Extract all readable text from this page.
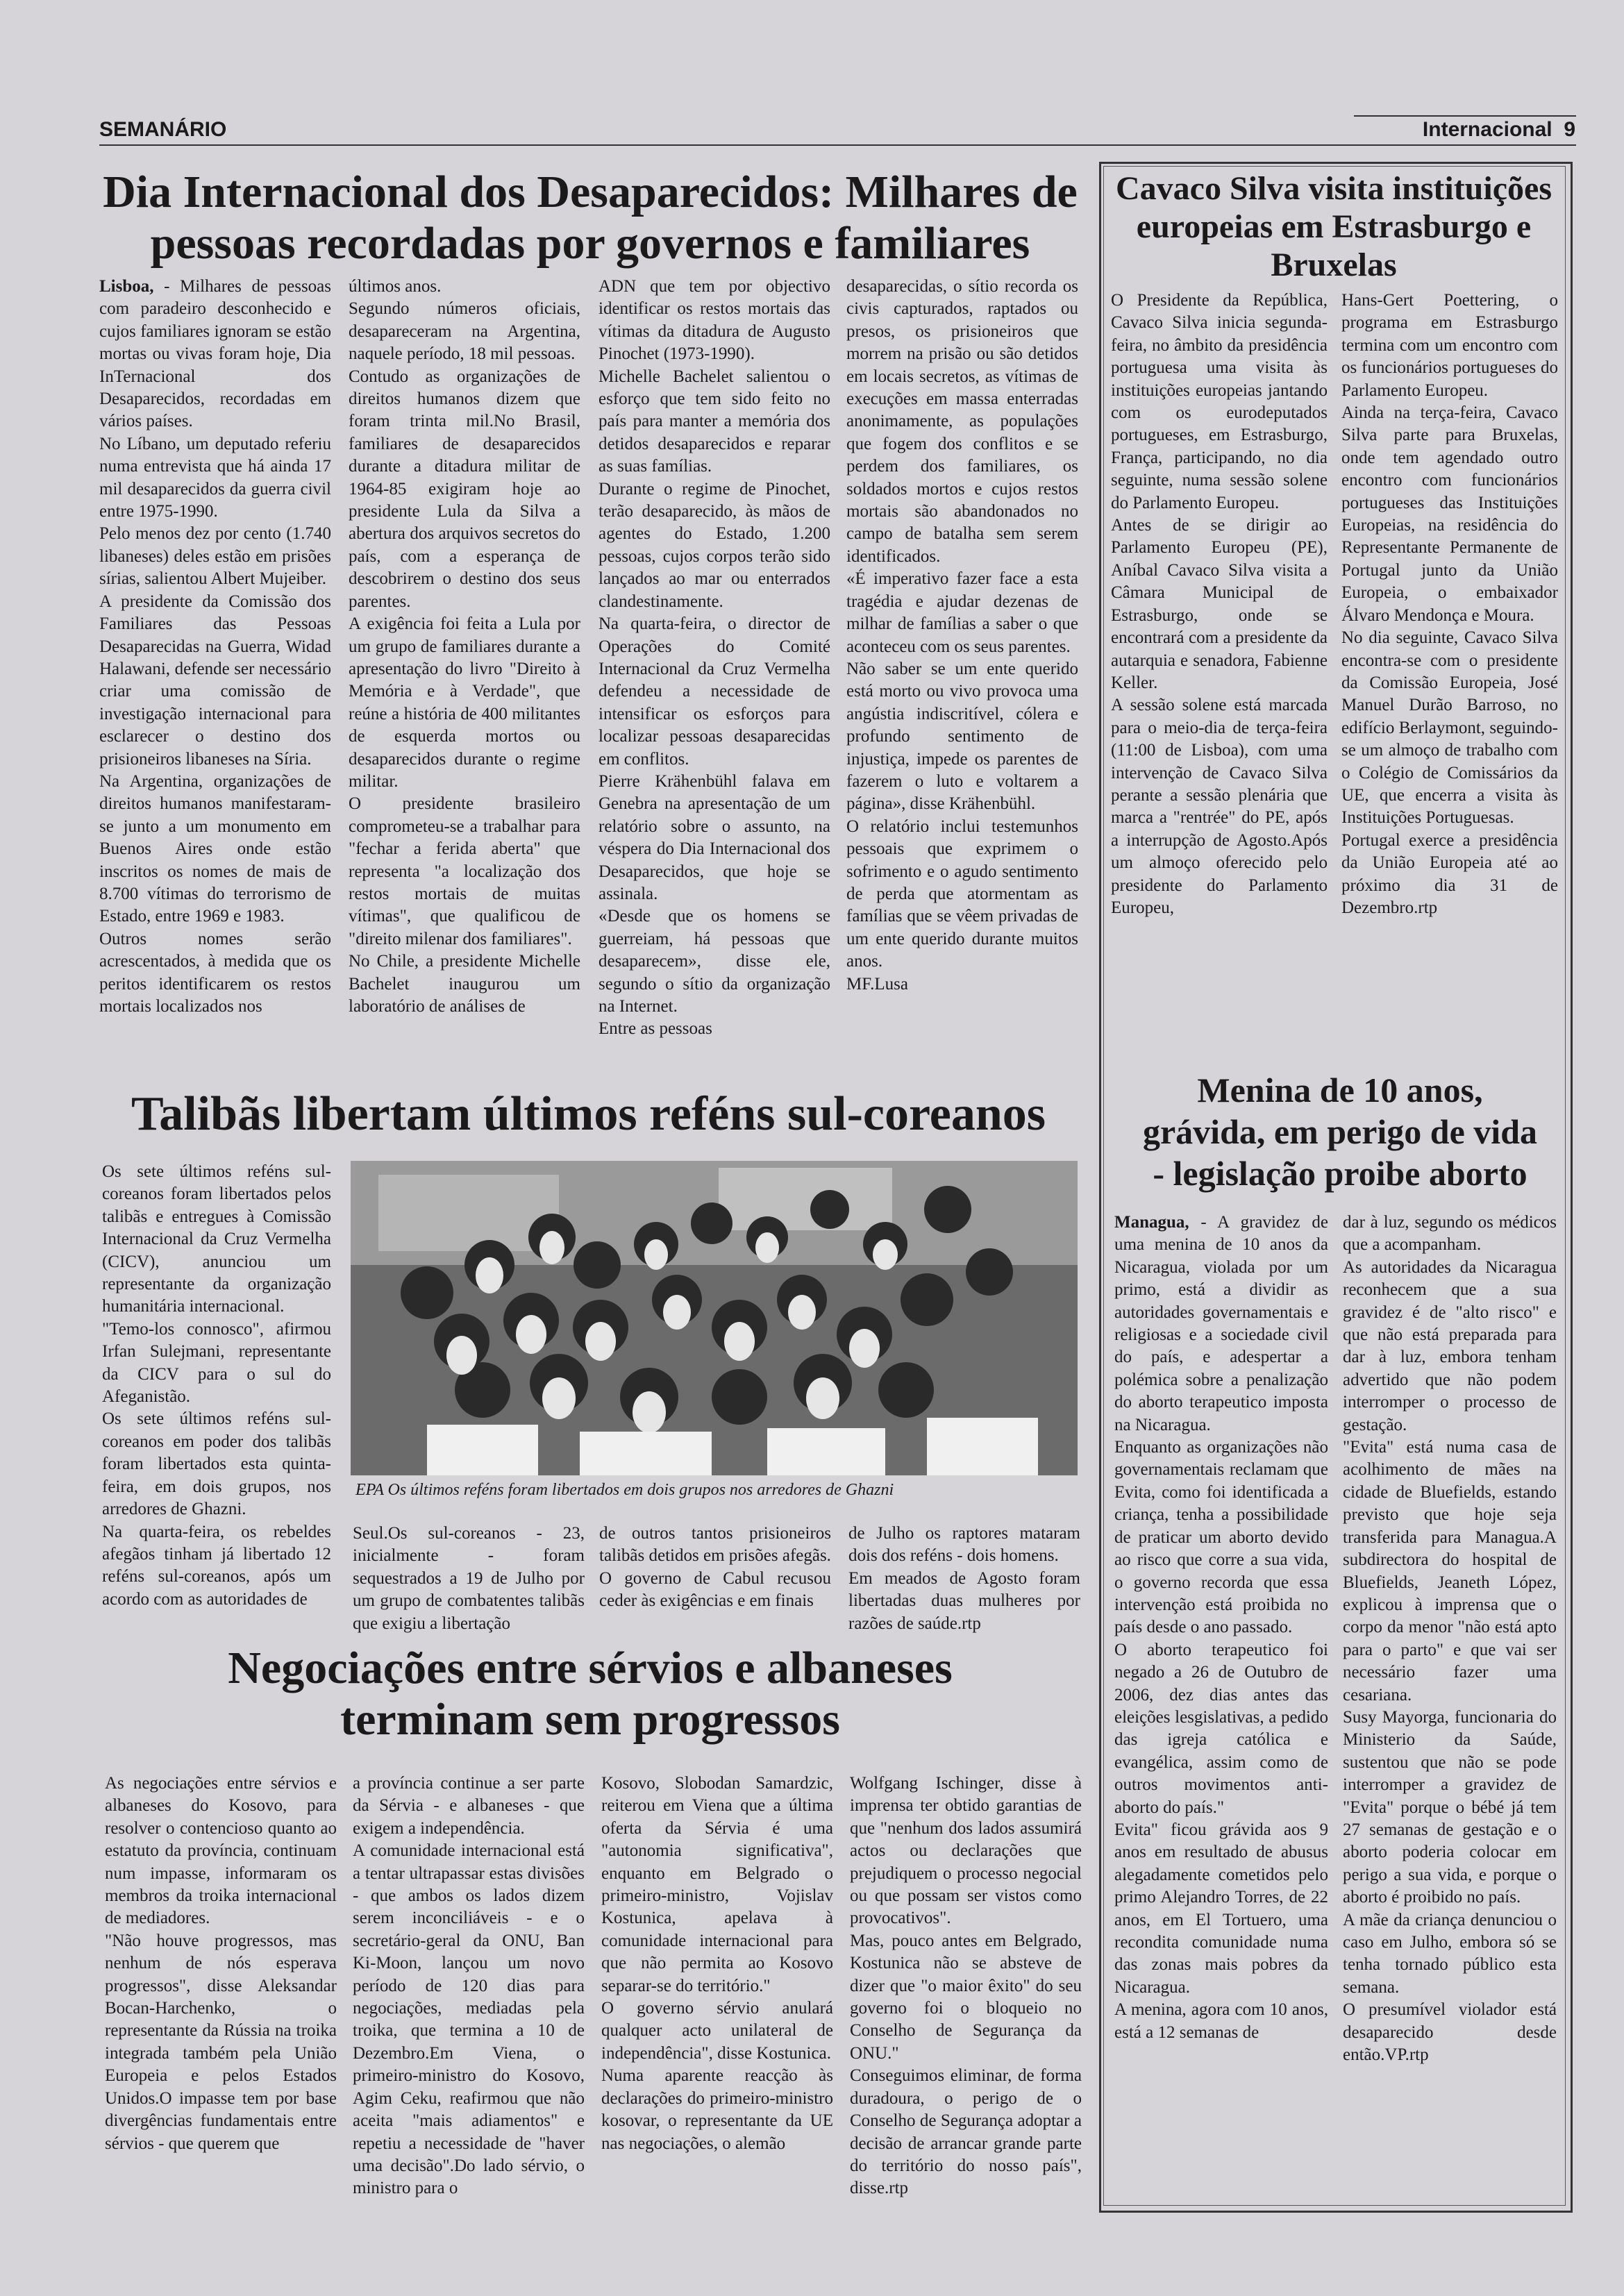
SEMANÁRIO	Internacional 9
Dia Internacional dos Desaparecidos: Milhares de pessoas recordadas por governos e familiares
Lisboa, - Milhares de pessoas com paradeiro desconhecido e cujos familiares ignoram se estão mortas ou vivas foram hoje, Dia InTernacional dos Desaparecidos, recordadas em vários países.
No Líbano, um deputado referiu numa entrevista que há ainda 17 mil desaparecidos da guerra civil entre 1975-1990.
Pelo menos dez por cento (1.740 libaneses) deles estão em prisões sírias, salientou Albert Mujeiber.
A presidente da Comissão dos Familiares das Pessoas Desaparecidas na Guerra, Widad Halawani, defende ser necessário criar uma comissão de investigação internacional para esclarecer o destino dos prisioneiros libaneses na Síria.
Na Argentina, organizações de direitos humanos manifestaram-se junto a um monumento em Buenos Aires onde estão inscritos os nomes de mais de 8.700 vítimas do terrorismo de Estado, entre 1969 e 1983.
Outros nomes serão acrescentados, à medida que os peritos identificarem os restos mortais localizados nos
últimos anos.
Segundo números oficiais, desapareceram na Argentina, naquele período, 18 mil pessoas.
Contudo as organizações de direitos humanos dizem que foram trinta mil.No Brasil, familiares de desaparecidos durante a ditadura militar de 1964-85 exigiram hoje ao presidente Lula da Silva a abertura dos arquivos secretos do país, com a esperança de descobrirem o destino dos seus parentes.
A exigência foi feita a Lula por um grupo de familiares durante a apresentação do livro "Direito à Memória e à Verdade", que reúne a história de 400 militantes de esquerda mortos ou desaparecidos durante o regime militar.
O presidente brasileiro comprometeu-se a trabalhar para "fechar a ferida aberta" que representa "a localização dos restos mortais de muitas vítimas", que qualificou de "direito milenar dos familiares".
No Chile, a presidente Michelle Bachelet inaugurou um laboratório de análises de
ADN que tem por objectivo identificar os restos mortais das vítimas da ditadura de Augusto Pinochet (1973-1990).
Michelle Bachelet salientou o esforço que tem sido feito no país para manter a memória dos detidos desaparecidos e reparar as suas famílias.
Durante o regime de Pinochet, terão desaparecido, às mãos de agentes do Estado, 1.200 pessoas, cujos corpos terão sido lançados ao mar ou enterrados clandestinamente.
Na quarta-feira, o director de Operações do Comité Internacional da Cruz Vermelha defendeu a necessidade de intensificar os esforços para localizar pessoas desaparecidas em conflitos.
Pierre Krähenbühl falava em Genebra na apresentação de um relatório sobre o assunto, na véspera do Dia Internacional dos Desaparecidos, que hoje se assinala.
«Desde que os homens se guerreiam, há pessoas que desaparecem», disse ele, segundo o sítio da organização na Internet.
Entre as pessoas
desaparecidas, o sítio recorda os civis capturados, raptados ou presos, os prisioneiros que morrem na prisão ou são detidos em locais secretos, as vítimas de execuções em massa enterradas anonimamente, as populações que fogem dos conflitos e se perdem dos familiares, os soldados mortos e cujos restos mortais são abandonados no campo de batalha sem serem identificados.
«É imperativo fazer face a esta tragédia e ajudar dezenas de milhar de famílias a saber o que aconteceu com os seus parentes.
Não saber se um ente querido está morto ou vivo provoca uma angústia indiscritível, cólera e profundo sentimento de injustiça, impede os parentes de fazerem o luto e voltarem a página», disse Krähenbühl.
O relatório inclui testemunhos pessoais que exprimem o sofrimento e o agudo sentimento de perda que atormentam as famílias que se vêem privadas de um ente querido durante muitos anos.
MF.Lusa
Talibãs libertam últimos reféns sul-coreanos
Os sete últimos reféns sul-coreanos foram libertados pelos talibãs e entregues à Comissão Internacional da Cruz Vermelha (CICV), anunciou um representante da organização humanitária internacional.
"Temo-los connosco", afirmou Irfan Sulejmani, representante da CICV para o sul do Afeganistão.
Os sete últimos reféns sul-coreanos em poder dos talibãs foram libertados esta quinta-feira, em dois grupos, nos arredores de Ghazni.
Na quarta-feira, os rebeldes afegãos tinham já libertado 12 reféns sul-coreanos, após um acordo com as autoridades de
EPA Os últimos reféns foram libertados em dois grupos nos arredores de Ghazni
Seul.Os sul-coreanos - 23, inicialmente - foram sequestrados a 19 de Julho por um grupo de combatentes talibãs que exigiu a libertação
de outros tantos prisioneiros talibãs detidos em prisões afegãs.
O governo de Cabul recusou ceder às exigências e em finais
de Julho os raptores mataram dois dos reféns - dois homens.
Em meados de Agosto foram libertadas duas mulheres por razões de saúde.rtp
Negociações entre sérvios e albaneses terminam sem progressos
As negociações entre sérvios e albaneses do Kosovo, para resolver o contencioso quanto ao estatuto da província, continuam num impasse, informaram os membros da troika internacional de mediadores.
"Não houve progressos, mas nenhum de nós esperava progressos", disse Aleksandar Bocan-Harchenko, o representante da Rússia na troika integrada também pela União Europeia e pelos Estados Unidos.O impasse tem por base divergências fundamentais entre sérvios - que querem que
a província continue a ser parte da Sérvia - e albaneses - que exigem a independência.
A comunidade internacional está a tentar ultrapassar estas divisões - que ambos os lados dizem serem inconciliáveis - e o secretário-geral da ONU, Ban Ki-Moon, lançou um novo período de 120 dias para negociações, mediadas pela troika, que termina a 10 de Dezembro.Em Viena, o primeiro-ministro do Kosovo, Agim Ceku, reafirmou que não aceita "mais adiamentos" e repetiu a necessidade de "haver uma decisão".Do lado sérvio, o ministro para o
Kosovo, Slobodan Samardzic, reiterou em Viena que a última oferta da Sérvia é uma "autonomia significativa", enquanto em Belgrado o primeiro-ministro, Vojislav Kostunica, apelava à comunidade internacional para que não permita ao Kosovo separar-se do território."
O governo sérvio anulará qualquer acto unilateral de independência", disse Kostunica.
Numa aparente reacção às declarações do primeiro-ministro kosovar, o representante da UE nas negociações, o alemão
Wolfgang Ischinger, disse à imprensa ter obtido garantias de que "nenhum dos lados assumirá actos ou declarações que prejudiquem o processo negocial ou que possam ser vistos como provocativos".
Mas, pouco antes em Belgrado, Kostunica não se absteve de dizer que "o maior êxito" do seu governo foi o bloqueio no Conselho de Segurança da ONU."
Conseguimos eliminar, de forma duradoura, o perigo de o Conselho de Segurança adoptar a decisão de arrancar grande parte do território do nosso país", disse.rtp
Cavaco Silva visita instituições europeias em Estrasburgo e Bruxelas
O Presidente da República, Cavaco Silva inicia segunda-feira, no âmbito da presidência portuguesa uma visita às instituições europeias jantando com os eurodeputados portugueses, em Estrasburgo, França, participando, no dia seguinte, numa sessão solene do Parlamento Europeu.
Antes de se dirigir ao Parlamento Europeu (PE), Aníbal Cavaco Silva visita a Câmara Municipal de Estrasburgo, onde se encontrará com a presidente da autarquia e senadora, Fabienne Keller.
A sessão solene está marcada para o meio-dia de terça-feira (11:00 de Lisboa), com uma intervenção de Cavaco Silva perante a sessão plenária que marca a "rentrée" do PE, após a interrupção de Agosto.Após um almoço oferecido pelo presidente do Parlamento Europeu,
Hans-Gert Poettering, o programa em Estrasburgo termina com um encontro com os funcionários portugueses do Parlamento Europeu.
Ainda na terça-feira, Cavaco Silva parte para Bruxelas, onde tem agendado outro encontro com funcionários portugueses das Instituições Europeias, na residência do Representante Permanente de Portugal junto da União Europeia, o embaixador Álvaro Mendonça e Moura.
No dia seguinte, Cavaco Silva encontra-se com o presidente da Comissão Europeia, José Manuel Durão Barroso, no edifício Berlaymont, seguindo-se um almoço de trabalho com o Colégio de Comissários da UE, que encerra a visita às Instituições Portuguesas.
Portugal exerce a presidência da União Europeia até ao próximo dia 31 de Dezembro.rtp
Menina de 10 anos, grávida, em perigo de vida - legislação proibe aborto
Managua, - A gravidez de uma menina de 10 anos da Nicaragua, violada por um primo, está a dividir as autoridades governamentais e religiosas e a sociedade civil do país, e adespertar a polémica sobre a penalização do aborto terapeutico imposta na Nicaragua.
Enquanto as organizações não governamentais reclamam que Evita, como foi identificada a criança, tenha a possibilidade de praticar um aborto devido ao risco que corre a sua vida, o governo recorda que essa intervenção está proibida no país desde o ano passado.
O aborto terapeutico foi negado a 26 de Outubro de 2006, dez dias antes das eleições lesgislativas, a pedido das igreja católica e evangélica, assim como de outros movimentos anti-aborto do país."
Evita" ficou grávida aos 9 anos em resultado de abusus alegadamente cometidos pelo primo Alejandro Torres, de 22 anos, em El Tortuero, uma recondita comunidade numa das zonas mais pobres da Nicaragua.
A menina, agora com 10 anos, está a 12 semanas de
dar à luz, segundo os médicos que a acompanham.
As autoridades da Nicaragua reconhecem que a sua gravidez é de "alto risco" e que não está preparada para dar à luz, embora tenham advertido que não podem interromper o processo de gestação.
"Evita" está numa casa de acolhimento de mães na cidade de Bluefields, estando previsto que hoje seja transferida para Managua.A subdirectora do hospital de Bluefields, Jeaneth López, explicou à imprensa que o corpo da menor "não está apto para o parto" e que vai ser necessário fazer uma cesariana.
Susy Mayorga, funcionaria do Ministerio da Saúde, sustentou que não se pode interromper a gravidez de "Evita" porque o bébé já tem 27 semanas de gestação e o aborto poderia colocar em perigo a sua vida, e porque o aborto é proibido no país.
A mãe da criança denunciou o caso em Julho, embora só se tenha tornado público esta semana.
O presumível violador está desaparecido desde então.VP.rtp
